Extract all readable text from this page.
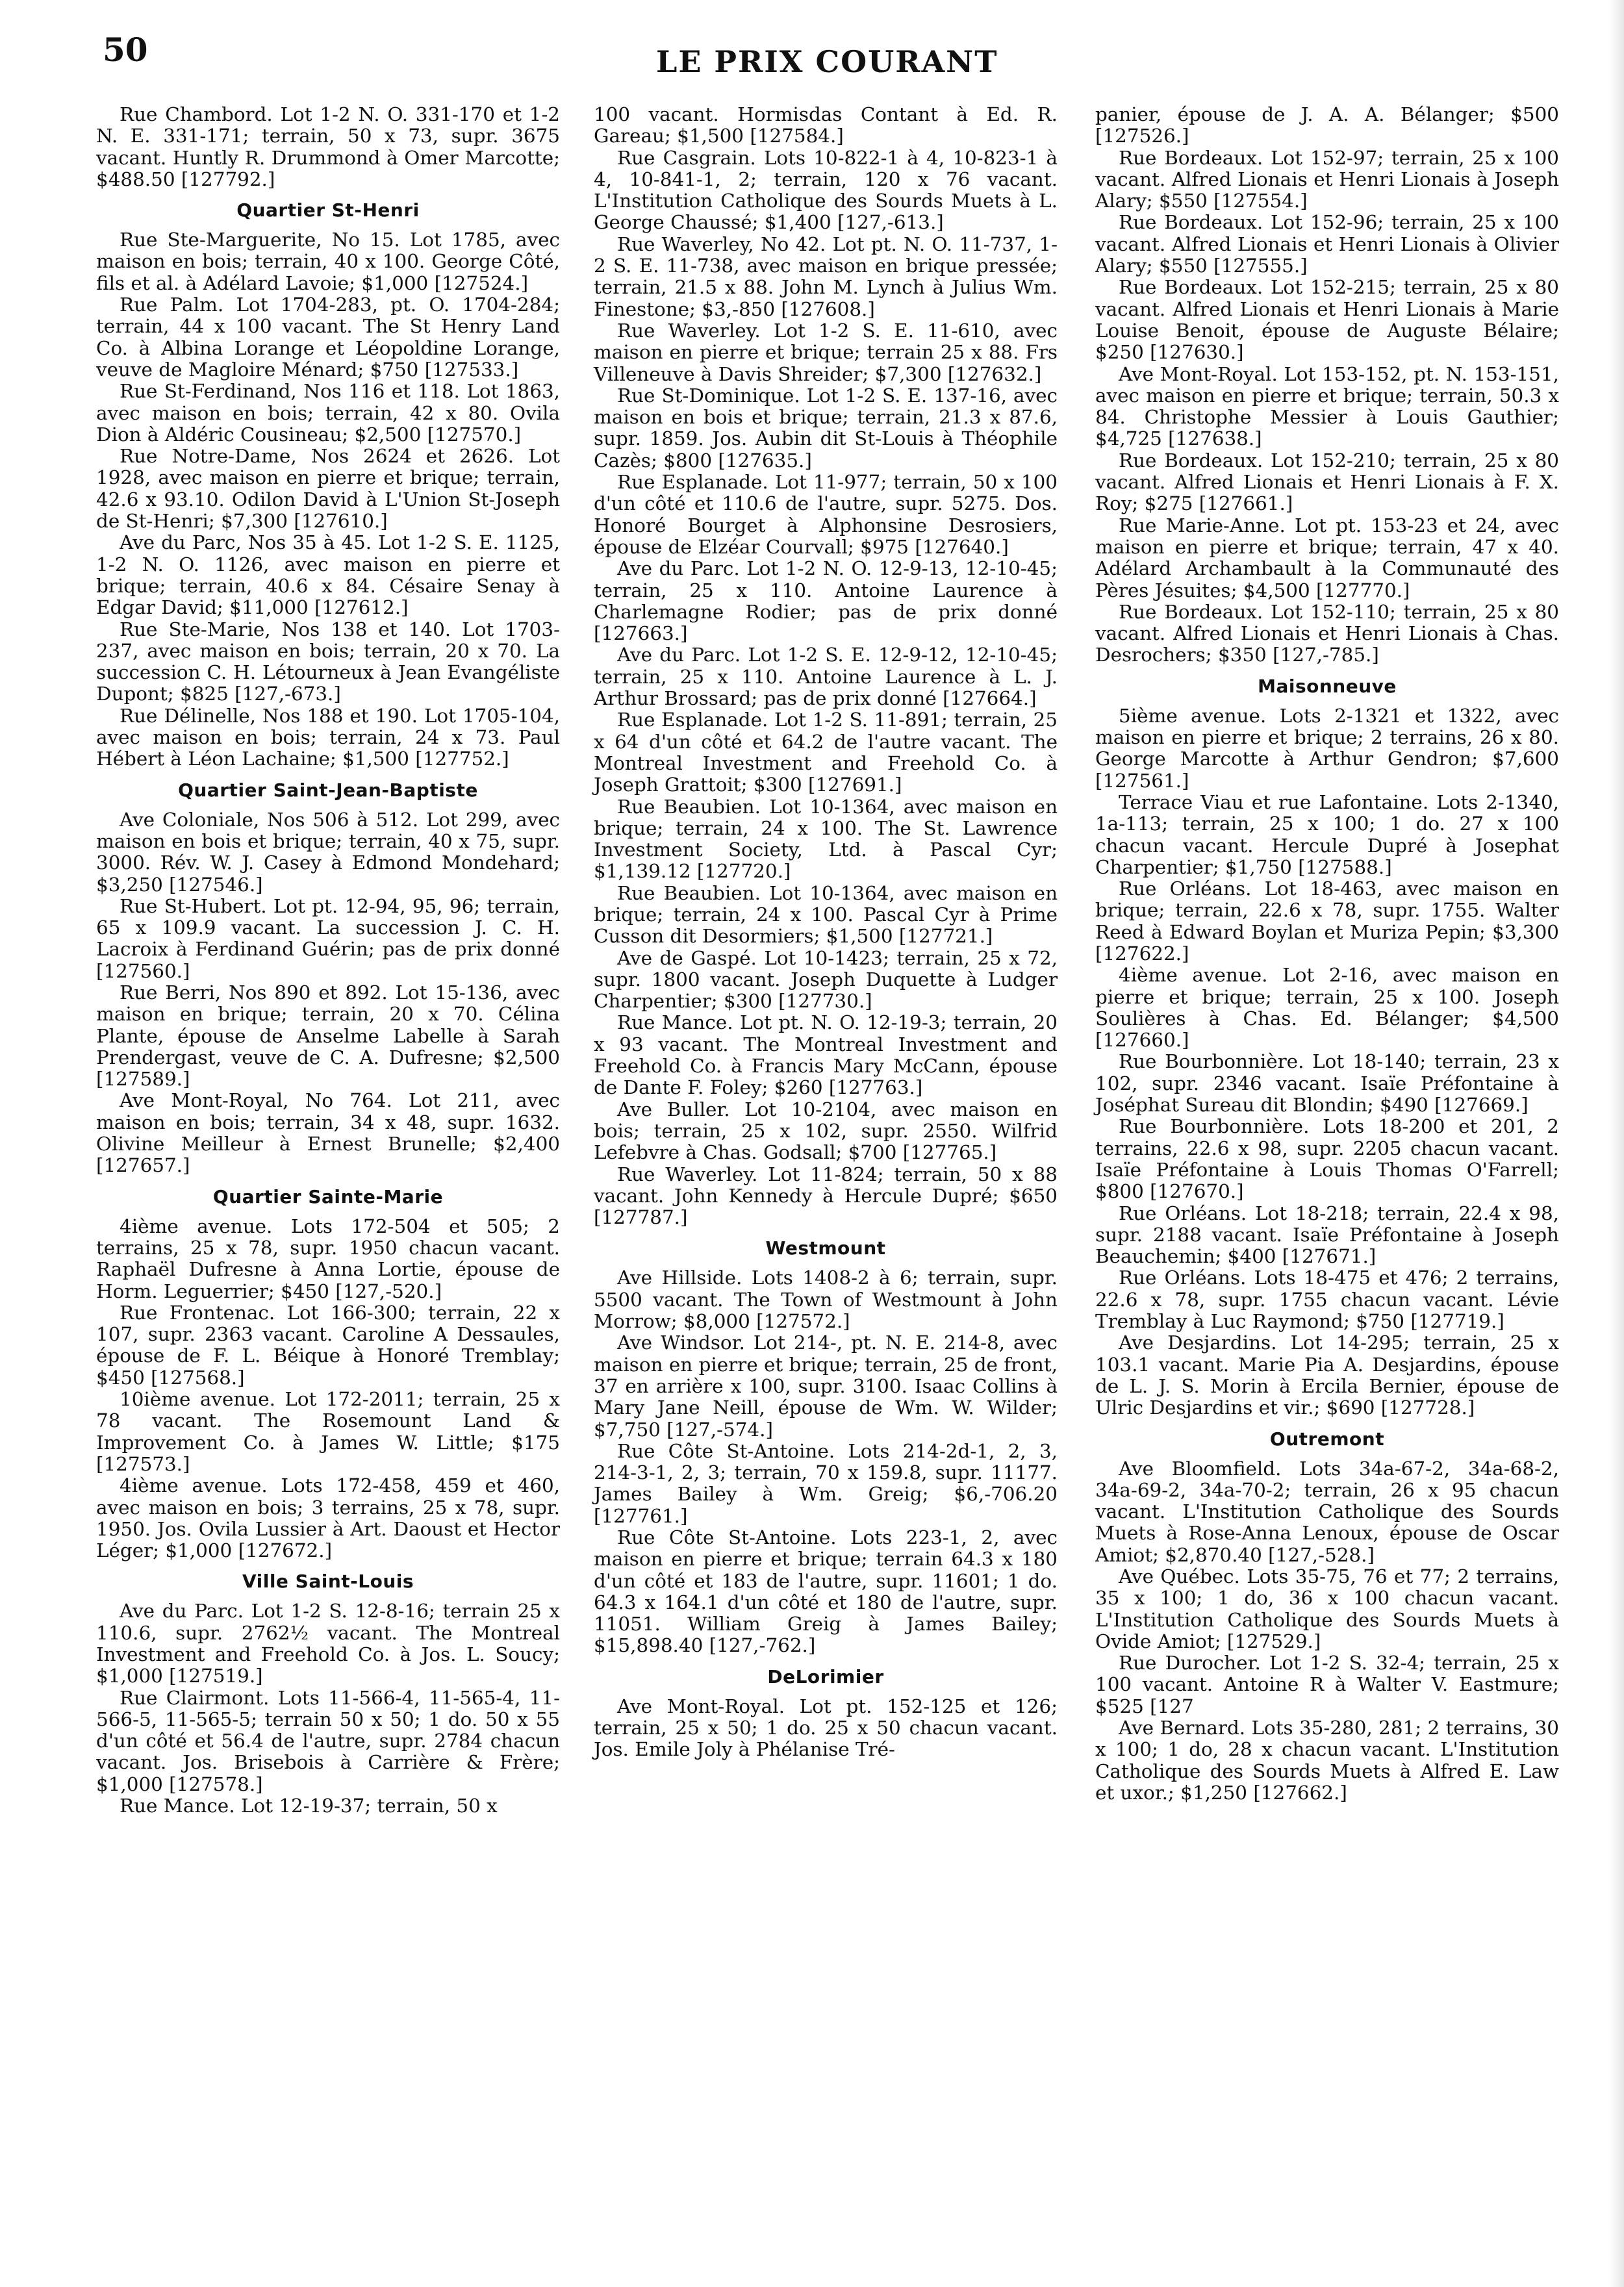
50	LE PRIX COURANT

Rue Chambord. Lot 1-2 N. O. 331-170 et 1-2 N. E. 331-171; terrain, 50 x 73, supr. 3675 vacant. Huntly R. Drummond à Omer Marcotte; $488.50 [127792.]

Quartier St-Henri

Rue Ste-Marguerite, No 15. Lot 1785, avec maison en bois; terrain, 40 x 100. George Côté, fils et al. à Adélard Lavoie; $1,000 [127524.]

Rue Palm. Lot 1704-283, pt. O. 1704-284; terrain, 44 x 100 vacant. The St Henry Land Co. à Albina Lorange et Léopoldine Lorange, veuve de Magloire Ménard; $750 [127533.]

Rue St-Ferdinand, Nos 116 et 118. Lot 1863, avec maison en bois; terrain, 42 x 80. Ovila Dion à Aldéric Cousineau; $2,500 [127570.]

Rue Notre-Dame, Nos 2624 et 2626. Lot 1928, avec maison en pierre et brique; terrain, 42.6 x 93.10. Odilon David à L'Union St-Joseph de St-Henri; $7,300 [127610.]

Ave du Parc, Nos 35 à 45. Lot 1-2 S. E. 1125, 1-2 N. O. 1126, avec maison en pierre et brique; terrain, 40.6 x 84. Césaire Senay à Edgar David; $11,000 [127612.]

Rue Ste-Marie, Nos 138 et 140. Lot 1703-237, avec maison en bois; terrain, 20 x 70. La succession C. H. Létourneux à Jean Evangéliste Dupont; $825 [127,-673.]

Rue Délinelle, Nos 188 et 190. Lot 1705-104, avec maison en bois; terrain, 24 x 73. Paul Hébert à Léon Lachaine; $1,500 [127752.]

Quartier Saint-Jean-Baptiste

Ave Coloniale, Nos 506 à 512. Lot 299, avec maison en bois et brique; terrain, 40 x 75, supr. 3000. Rév. W. J. Casey à Edmond Mondehard; $3,250 [127546.]

Rue St-Hubert. Lot pt. 12-94, 95, 96; terrain, 65 x 109.9 vacant. La succession J. C. H. Lacroix à Ferdinand Guérin; pas de prix donné [127560.]

Rue Berri, Nos 890 et 892. Lot 15-136, avec maison en brique; terrain, 20 x 70. Célina Plante, épouse de Anselme Labelle à Sarah Prendergast, veuve de C. A. Dufresne; $2,500 [127589.]

Ave Mont-Royal, No 764. Lot 211, avec maison en bois; terrain, 34 x 48, supr. 1632. Olivine Meilleur à Ernest Brunelle; $2,400 [127657.]

Quartier Sainte-Marie

4ième avenue. Lots 172-504 et 505; 2 terrains, 25 x 78, supr. 1950 chacun vacant. Raphaël Dufresne à Anna Lortie, épouse de Horm. Leguerrier; $450 [127,-520.]

Rue Frontenac. Lot 166-300; terrain, 22 x 107, supr. 2363 vacant. Caroline A Dessaules, épouse de F. L. Béique à Honoré Tremblay; $450 [127568.]

10ième avenue. Lot 172-2011; terrain, 25 x 78 vacant. The Rosemount Land & Improvement Co. à James W. Little; $175 [127573.]

4ième avenue. Lots 172-458, 459 et 460, avec maison en bois; 3 terrains, 25 x 78, supr. 1950. Jos. Ovila Lussier à Art. Daoust et Hector Léger; $1,000 [127672.]

Ville Saint-Louis

Ave du Parc. Lot 1-2 S. 12-8-16; terrain 25 x 110.6, supr. 2762½ vacant. The Montreal Investment and Freehold Co. à Jos. L. Soucy; $1,000 [127519.]

Rue Clairmont. Lots 11-566-4, 11-565-4, 11-566-5, 11-565-5; terrain 50 x 50; 1 do. 50 x 55 d'un côté et 56.4 de l'autre, supr. 2784 chacun vacant. Jos. Brisebois à Carrière & Frère; $1,000 [127578.]

Rue Mance. Lot 12-19-37; terrain, 50 x

100 vacant. Hormisdas Contant à Ed. R. Gareau; $1,500 [127584.]

Rue Casgrain. Lots 10-822-1 à 4, 10-823-1 à 4, 10-841-1, 2; terrain, 120 x 76 vacant. L'Institution Catholique des Sourds Muets à L. George Chaussé; $1,400 [127,-613.]

Rue Waverley, No 42. Lot pt. N. O. 11-737, 1-2 S. E. 11-738, avec maison en brique pressée; terrain, 21.5 x 88. John M. Lynch à Julius Wm. Finestone; $3,-850 [127608.]

Rue Waverley. Lot 1-2 S. E. 11-610, avec maison en pierre et brique; terrain 25 x 88. Frs Villeneuve à Davis Shreider; $7,300 [127632.]

Rue St-Dominique. Lot 1-2 S. E. 137-16, avec maison en bois et brique; terrain, 21.3 x 87.6, supr. 1859. Jos. Aubin dit St-Louis à Théophile Cazès; $800 [127635.]

Rue Esplanade. Lot 11-977; terrain, 50 x 100 d'un côté et 110.6 de l'autre, supr. 5275. Dos. Honoré Bourget à Alphonsine Desrosiers, épouse de Elzéar Courvall; $975 [127640.]

Ave du Parc. Lot 1-2 N. O. 12-9-13, 12-10-45; terrain, 25 x 110. Antoine Laurence à Charlemagne Rodier; pas de prix donné [127663.]

Ave du Parc. Lot 1-2 S. E. 12-9-12, 12-10-45; terrain, 25 x 110. Antoine Laurence à L. J. Arthur Brossard; pas de prix donné [127664.]

Rue Esplanade. Lot 1-2 S. 11-891; terrain, 25 x 64 d'un côté et 64.2 de l'autre vacant. The Montreal Investment and Freehold Co. à Joseph Grattoit; $300 [127691.]

Rue Beaubien. Lot 10-1364, avec maison en brique; terrain, 24 x 100. The St. Lawrence Investment Society, Ltd. à Pascal Cyr; $1,139.12 [127720.]

Rue Beaubien. Lot 10-1364, avec maison en brique; terrain, 24 x 100. Pascal Cyr à Prime Cusson dit Desormiers; $1,500 [127721.]

Ave de Gaspé. Lot 10-1423; terrain, 25 x 72, supr. 1800 vacant. Joseph Duquette à Ludger Charpentier; $300 [127730.]

Rue Mance. Lot pt. N. O. 12-19-3; terrain, 20 x 93 vacant. The Montreal Investment and Freehold Co. à Francis Mary McCann, épouse de Dante F. Foley; $260 [127763.]

Ave Buller. Lot 10-2104, avec maison en bois; terrain, 25 x 102, supr. 2550. Wilfrid Lefebvre à Chas. Godsall; $700 [127765.]

Rue Waverley. Lot 11-824; terrain, 50 x 88 vacant. John Kennedy à Hercule Dupré; $650 [127787.]

Westmount

Ave Hillside. Lots 1408-2 à 6; terrain, supr. 5500 vacant. The Town of Westmount à John Morrow; $8,000 [127572.]

Ave Windsor. Lot 214-, pt. N. E. 214-8, avec maison en pierre et brique; terrain, 25 de front, 37 en arrière x 100, supr. 3100. Isaac Collins à Mary Jane Neill, épouse de Wm. W. Wilder; $7,750 [127,-574.]

Rue Côte St-Antoine. Lots 214-2d-1, 2, 3, 214-3-1, 2, 3; terrain, 70 x 159.8, supr. 11177. James Bailey à Wm. Greig; $6,-706.20 [127761.]

Rue Côte St-Antoine. Lots 223-1, 2, avec maison en pierre et brique; terrain 64.3 x 180 d'un côté et 183 de l'autre, supr. 11601; 1 do. 64.3 x 164.1 d'un côté et 180 de l'autre, supr. 11051. William Greig à James Bailey; $15,898.40 [127,-762.]

DeLorimier

Ave Mont-Royal. Lot pt. 152-125 et 126; terrain, 25 x 50; 1 do. 25 x 50 chacun vacant. Jos. Emile Joly à Phélanise Tré-

panier, épouse de J. A. A. Bélanger; $500 [127526.]

Rue Bordeaux. Lot 152-97; terrain, 25 x 100 vacant. Alfred Lionais et Henri Lionais à Joseph Alary; $550 [127554.]

Rue Bordeaux. Lot 152-96; terrain, 25 x 100 vacant. Alfred Lionais et Henri Lionais à Olivier Alary; $550 [127555.]

Rue Bordeaux. Lot 152-215; terrain, 25 x 80 vacant. Alfred Lionais et Henri Lionais à Marie Louise Benoit, épouse de Auguste Bélaire; $250 [127630.]

Ave Mont-Royal. Lot 153-152, pt. N. 153-151, avec maison en pierre et brique; terrain, 50.3 x 84. Christophe Messier à Louis Gauthier; $4,725 [127638.]

Rue Bordeaux. Lot 152-210; terrain, 25 x 80 vacant. Alfred Lionais et Henri Lionais à F. X. Roy; $275 [127661.]

Rue Marie-Anne. Lot pt. 153-23 et 24, avec maison en pierre et brique; terrain, 47 x 40. Adélard Archambault à la Communauté des Pères Jésuites; $4,500 [127770.]

Rue Bordeaux. Lot 152-110; terrain, 25 x 80 vacant. Alfred Lionais et Henri Lionais à Chas. Desrochers; $350 [127,-785.]

Maisonneuve

5ième avenue. Lots 2-1321 et 1322, avec maison en pierre et brique; 2 terrains, 26 x 80. George Marcotte à Arthur Gendron; $7,600 [127561.]

Terrace Viau et rue Lafontaine. Lots 2-1340, 1a-113; terrain, 25 x 100; 1 do. 27 x 100 chacun vacant. Hercule Dupré à Josephat Charpentier; $1,750 [127588.]

Rue Orléans. Lot 18-463, avec maison en brique; terrain, 22.6 x 78, supr. 1755. Walter Reed à Edward Boylan et Muriza Pepin; $3,300 [127622.]

4ième avenue. Lot 2-16, avec maison en pierre et brique; terrain, 25 x 100. Joseph Soulières à Chas. Ed. Bélanger; $4,500 [127660.]

Rue Bourbonnière. Lot 18-140; terrain, 23 x 102, supr. 2346 vacant. Isaïe Préfontaine à Joséphat Sureau dit Blondin; $490 [127669.]

Rue Bourbonnière. Lots 18-200 et 201, 2 terrains, 22.6 x 98, supr. 2205 chacun vacant. Isaïe Préfontaine à Louis Thomas O'Farrell; $800 [127670.]

Rue Orléans. Lot 18-218; terrain, 22.4 x 98, supr. 2188 vacant. Isaïe Préfontaine à Joseph Beauchemin; $400 [127671.]

Rue Orléans. Lots 18-475 et 476; 2 terrains, 22.6 x 78, supr. 1755 chacun vacant. Lévie Tremblay à Luc Raymond; $750 [127719.]

Ave Desjardins. Lot 14-295; terrain, 25 x 103.1 vacant. Marie Pia A. Desjardins, épouse de L. J. S. Morin à Ercila Bernier, épouse de Ulric Desjardins et vir.; $690 [127728.]

Outremont

Ave Bloomfield. Lots 34a-67-2, 34a-68-2, 34a-69-2, 34a-70-2; terrain, 26 x 95 chacun vacant. L'Institution Catholique des Sourds Muets à Rose-Anna Lenoux, épouse de Oscar Amiot; $2,870.40 [127,-528.]

Ave Québec. Lots 35-75, 76 et 77; 2 terrains, 35 x 100; 1 do, 36 x 100 chacun vacant. L'Institution Catholique des Sourds Muets à Ovide Amiot; [127529.]

Rue Durocher. Lot 1-2 S. 32-4; terrain, 25 x 100 vacant. Antoine R à Walter V. Eastmure; $525 [127

Ave Bernard. Lots 35-280, 281; 2 terrains, 30 x 100; 1 do, 28 x chacun vacant. L'Institution Catholique des Sourds Muets à Alfred E. Law et uxor.; $1,250 [127662.]
